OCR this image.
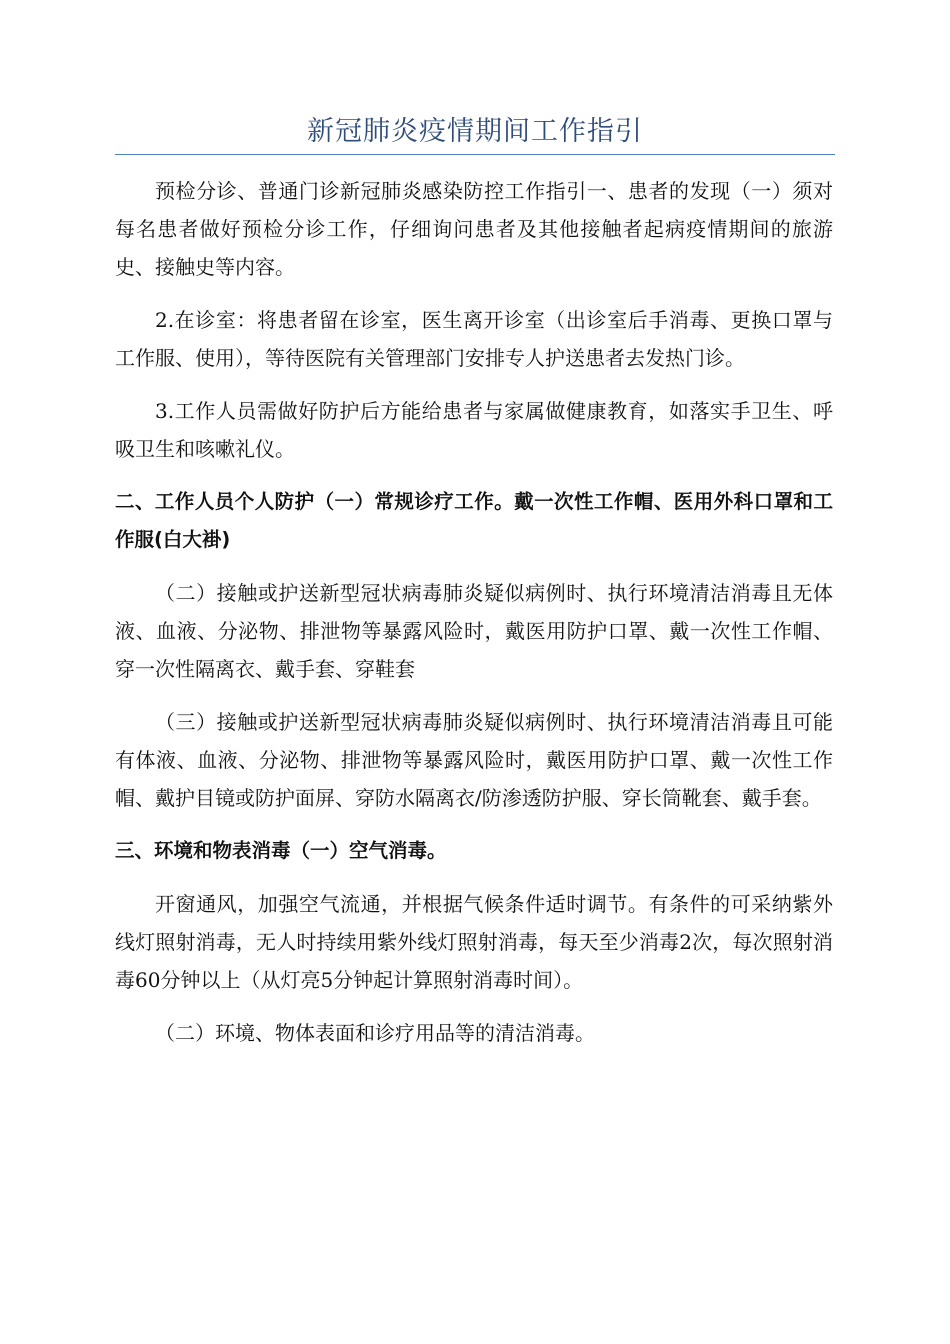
新冠肺炎疫情期间工作指引

预检分诊、普通门诊新冠肺炎感染防控工作指引一、患者的发现（一）须对每名患者做好预检分诊工作，仔细询问患者及其他接触者起病疫情期间的旅游史、接触史等内容。

2.在诊室：将患者留在诊室，医生离开诊室（出诊室后手消毒、更换口罩与工作服、使用），等待医院有关管理部门安排专人护送患者去发热门诊。

3.工作人员需做好防护后方能给患者与家属做健康教育，如落实手卫生、呼吸卫生和咳嗽礼仪。

二、工作人员个人防护（一）常规诊疗工作。戴一次性工作帽、医用外科口罩和工作服(白大褂)

（二）接触或护送新型冠状病毒肺炎疑似病例时、执行环境清洁消毒且无体液、血液、分泌物、排泄物等暴露风险时，戴医用防护口罩、戴一次性工作帽、穿一次性隔离衣、戴手套、穿鞋套

（三）接触或护送新型冠状病毒肺炎疑似病例时、执行环境清洁消毒且可能有体液、血液、分泌物、排泄物等暴露风险时，戴医用防护口罩、戴一次性工作帽、戴护目镜或防护面屏、穿防水隔离衣/防渗透防护服、穿长筒靴套、戴手套。

三、环境和物表消毒（一）空气消毒。

开窗通风，加强空气流通，并根据气候条件适时调节。有条件的可采纳紫外线灯照射消毒，无人时持续用紫外线灯照射消毒，每天至少消毒2次，每次照射消毒60分钟以上（从灯亮5分钟起计算照射消毒时间）。

（二）环境、物体表面和诊疗用品等的清洁消毒。
